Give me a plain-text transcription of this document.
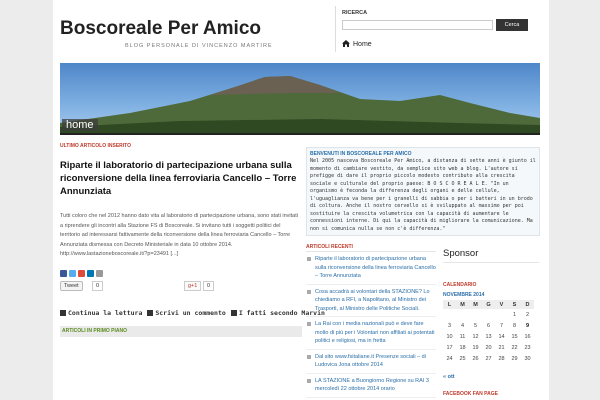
Boscoreale Per Amico
BLOG PERSONALE DI VINCENZO MARTIRE
RICERCA
Cerca
Home
home
ULTIMO ARTICOLO INSERITO
Riparte il laboratorio di partecipazione urbana sulla riconversione della linea ferroviaria Cancello – Torre Annunziata
Tutti coloro che nel 2012 hanno dato vita al laboratorio di partecipazione urbana, sono stati invitati a riprendere gli incontri alla Stazione FS di Boscoreale. Si invitano tutti i soggetti politici del territorio ad interessarsi fattivamente della riconversione della linea ferroviaria Cancello – Torre Annunziata dismessa con Decreto Ministeriale in data 10 ottobre 2014. http://www.lastazioneboscoreale.it/?p=23491 [...]
Tweet	0	g+1	0
Continua la lettura Scrivi un commento I fatti secondo Marvin
ARTICOLI IN PRIMO PIANO
BENVENUTI IN BOSCOREALE PER AMICO
Nel 2005 nasceva Boscoreale Per Amico, a distanza di sette anni è giunto il momento di cambiare vestito, da semplice sito web a blog. L'autore si prefigge di dare il proprio piccolo modesto contributo alla crescita sociale e culturale del proprio paese: B O S C O R E A L E. "In un organismo è feconda la differenza degli organi e delle cellule, l'uguaglianza va bene per i granelli di sabbia o per i batteri in un brodo di coltura. Anche il nostro cervello si è sviluppato al massimo per poi sostituire la crescita volumetrica con la capacità di aumentare le connessioni interne. Di qui la capacità di migliorare la comunicazione. Ma non si comunica nulla se non c'è differenza."
ARTICOLI RECENTI
Riparte il laboratorio di partecipazione urbana sulla riconversione della linea ferroviaria Cancello – Torre Annunziata
Cosa accadrà ai volontari della STAZIONE? Lo chiediamo a RFI, a Napolitano, al Ministro dei Trasporti, al Ministro delle Politiche Sociali.
La Rai con i media nazionali può e deve fare molto di più per i Volontari non affiliati ai potentati politici e religiosi, ma in fretta
Dal sito www.fsitaliane.it Presenze sociali – di Ludovica Jona ottobre 2014
LA STAZIONE a Buongiorno Regione su RAI 3 mercoledì 22 ottobre 2014 orario
Sponsor
CALENDARIO
NOVEMBRE 2014
L	M	M	G	V	S	D
					1	2
3	4	5	6	7	8	9
10	11	12	13	14	15	16
17	18	19	20	21	22	23
24	25	26	27	28	29	30
« ott
FACEBOOK FAN PAGE
